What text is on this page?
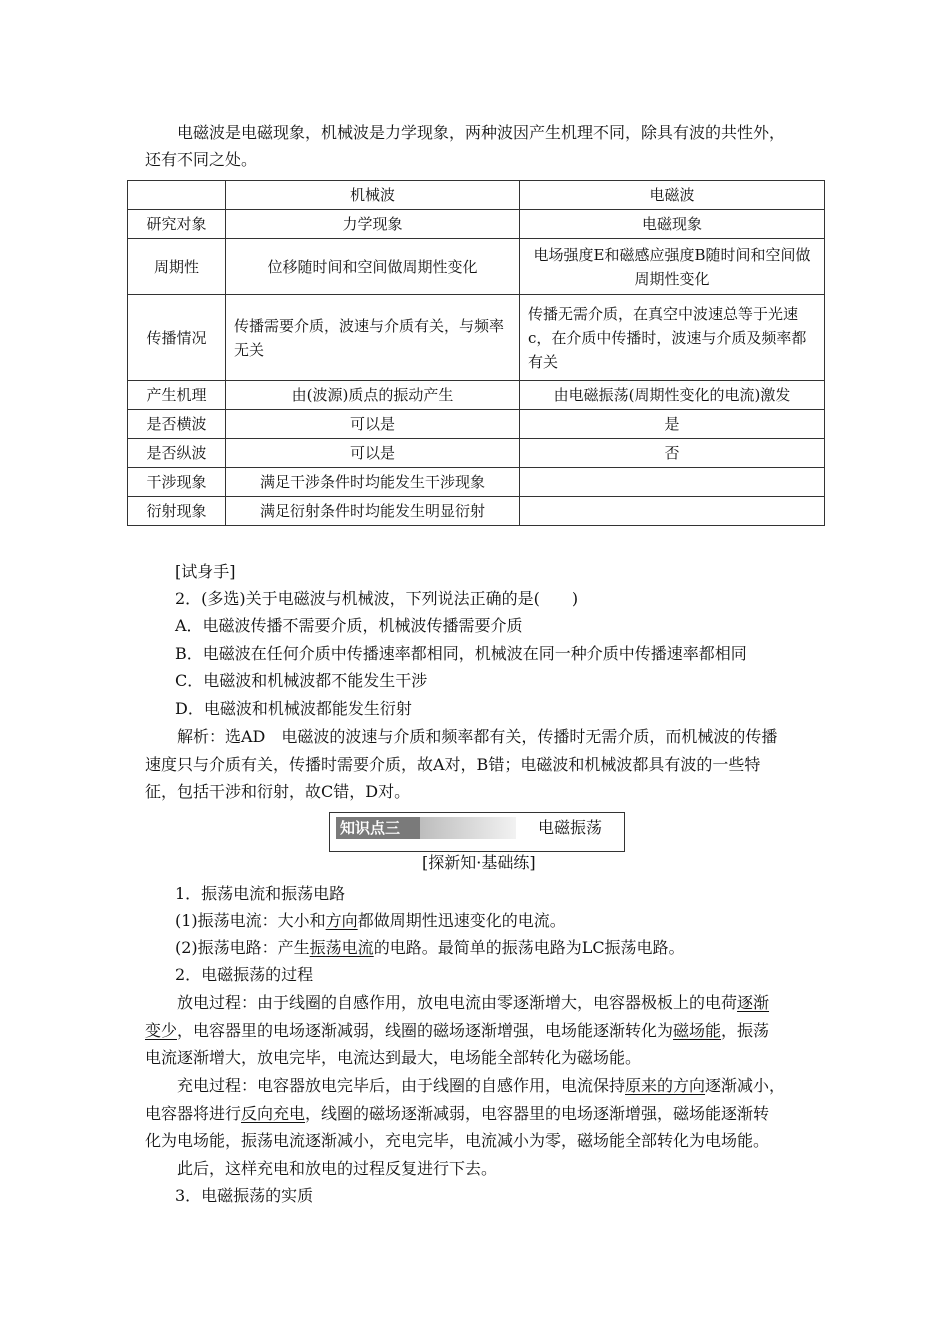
电磁波是电磁现象，机械波是力学现象，两种波因产生机理不同，除具有波的共性外，

还有不同之处。

	机械波	电磁波
研究对象	力学现象	电磁现象
周期性	位移随时间和空间做周期性变化	电场强度E和磁感应强度B随时间和空间做周期性变化
传播情况	传播需要介质，波速与介质有关，与频率无关	传播无需介质，在真空中波速总等于光速c，在介质中传播时，波速与介质及频率都有关
产生机理	由(波源)质点的振动产生	由电磁振荡(周期性变化的电流)激发
是否横波	可以是	是
是否纵波	可以是	否
干涉现象	满足干涉条件时均能发生干涉现象	
衍射现象	满足衍射条件时均能发生明显衍射	

[试身手]

2．(多选)关于电磁波与机械波，下列说法正确的是(　　)

A．电磁波传播不需要介质，机械波传播需要介质

B．电磁波在任何介质中传播速率都相同，机械波在同一种介质中传播速率都相同

C．电磁波和机械波都不能发生干涉

D．电磁波和机械波都能发生衍射

解析：选AD　电磁波的波速与介质和频率都有关，传播时无需介质，而机械波的传播

速度只与介质有关，传播时需要介质，故A对，B错；电磁波和机械波都具有波的一些特

征，包括干涉和衍射，故C错，D对。

知识点三	电磁振荡
[探新知·基础练]

1．振荡电流和振荡电路

(1)振荡电流：大小和方向都做周期性迅速变化的电流。

(2)振荡电路：产生振荡电流的电路。最简单的振荡电路为LC振荡电路。

2．电磁振荡的过程

放电过程：由于线圈的自感作用，放电电流由零逐渐增大，电容器极板上的电荷逐渐

变少，电容器里的电场逐渐减弱，线圈的磁场逐渐增强，电场能逐渐转化为磁场能，振荡

电流逐渐增大，放电完毕，电流达到最大，电场能全部转化为磁场能。

充电过程：电容器放电完毕后，由于线圈的自感作用，电流保持原来的方向逐渐减小，

电容器将进行反向充电，线圈的磁场逐渐减弱，电容器里的电场逐渐增强，磁场能逐渐转

化为电场能，振荡电流逐渐减小，充电完毕，电流减小为零，磁场能全部转化为电场能。

此后，这样充电和放电的过程反复进行下去。

3．电磁振荡的实质
